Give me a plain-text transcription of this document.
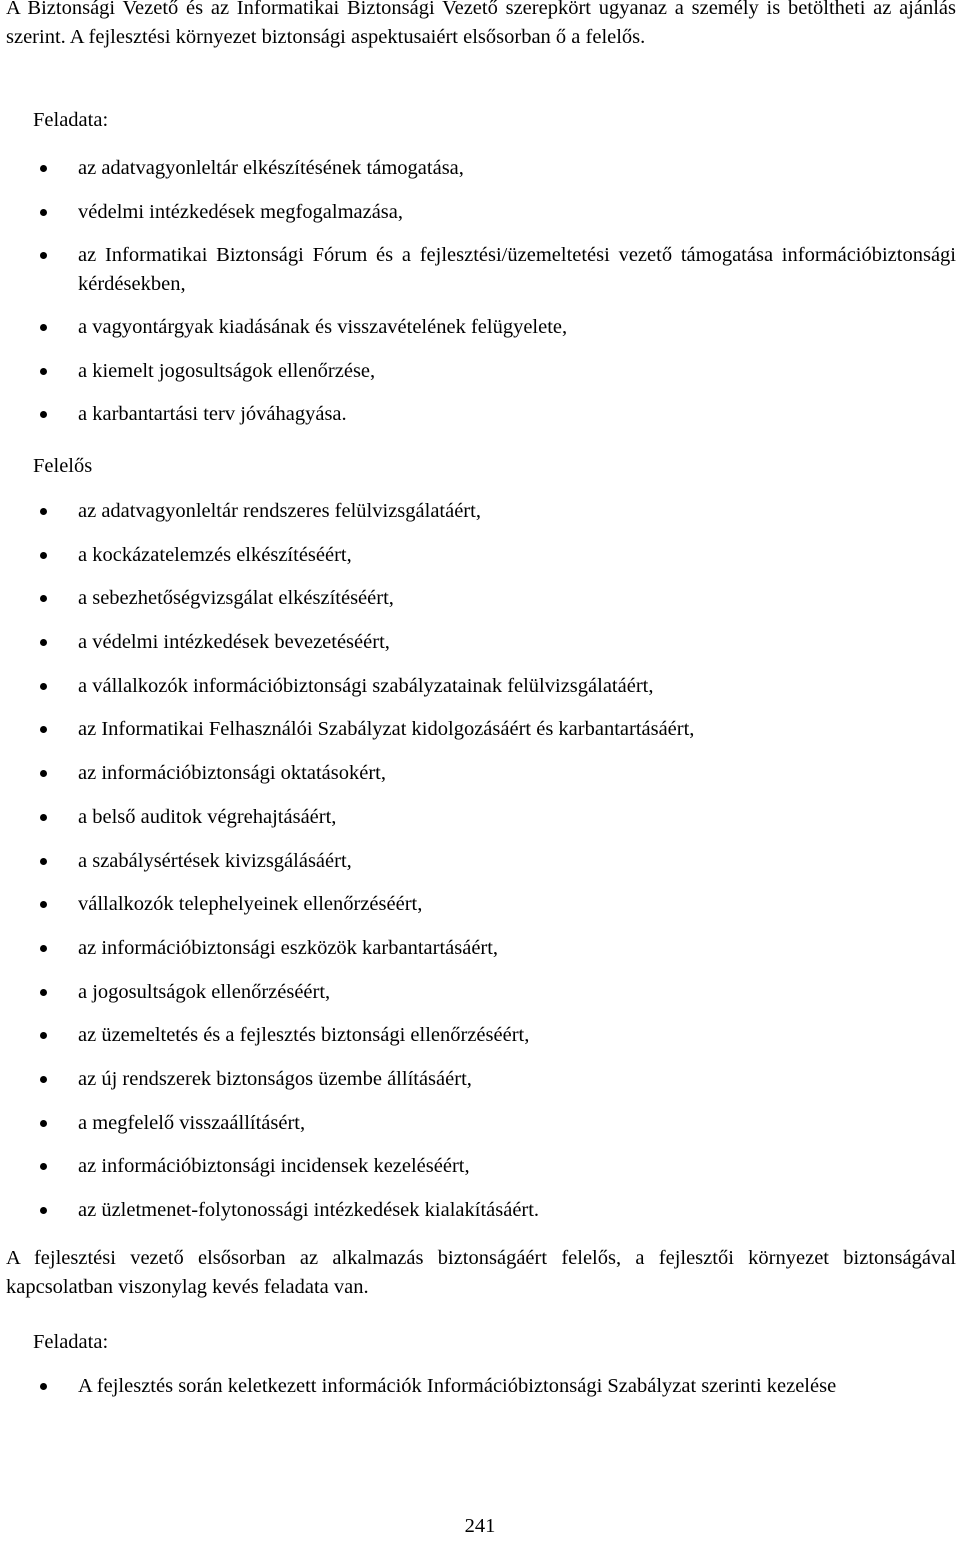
A Biztonsági Vezető és az Informatikai Biztonsági Vezető szerepkört ugyanaz a személy is betöltheti az ajánlás szerint. A fejlesztési környezet biztonsági aspektusaiért elsősorban ő a felelős.

Feladata:

az adatvagyonleltár elkészítésének támogatása,
védelmi intézkedések megfogalmazása,
az Informatikai Biztonsági Fórum és a fejlesztési/üzemeltetési vezető támogatása információbiztonsági kérdésekben,
a vagyontárgyak kiadásának és visszavételének felügyelete,
a kiemelt jogosultságok ellenőrzése,
a karbantartási terv jóváhagyása.

Felelős

az adatvagyonleltár rendszeres felülvizsgálatáért,
a kockázatelemzés elkészítéséért,
a sebezhetőségvizsgálat elkészítéséért,
a védelmi intézkedések bevezetéséért,
a vállalkozók információbiztonsági szabályzatainak felülvizsgálatáért,
az Informatikai Felhasználói Szabályzat kidolgozásáért és karbantartásáért,
az információbiztonsági oktatásokért,
a belső auditok végrehajtásáért,
a szabálysértések kivizsgálásáért,
vállalkozók telephelyeinek ellenőrzéséért,
az információbiztonsági eszközök karbantartásáért,
a jogosultságok ellenőrzéséért,
az üzemeltetés és a fejlesztés biztonsági ellenőrzéséért,
az új rendszerek biztonságos üzembe állításáért,
a megfelelő visszaállításért,
az információbiztonsági incidensek kezeléséért,
az üzletmenet-folytonossági intézkedések kialakításáért.

A fejlesztési vezető elsősorban az alkalmazás biztonságáért felelős, a fejlesztői környezet biztonságával kapcsolatban viszonylag kevés feladata van.

Feladata:

A fejlesztés során keletkezett információk Információbiztonsági Szabályzat szerinti kezelése
241
